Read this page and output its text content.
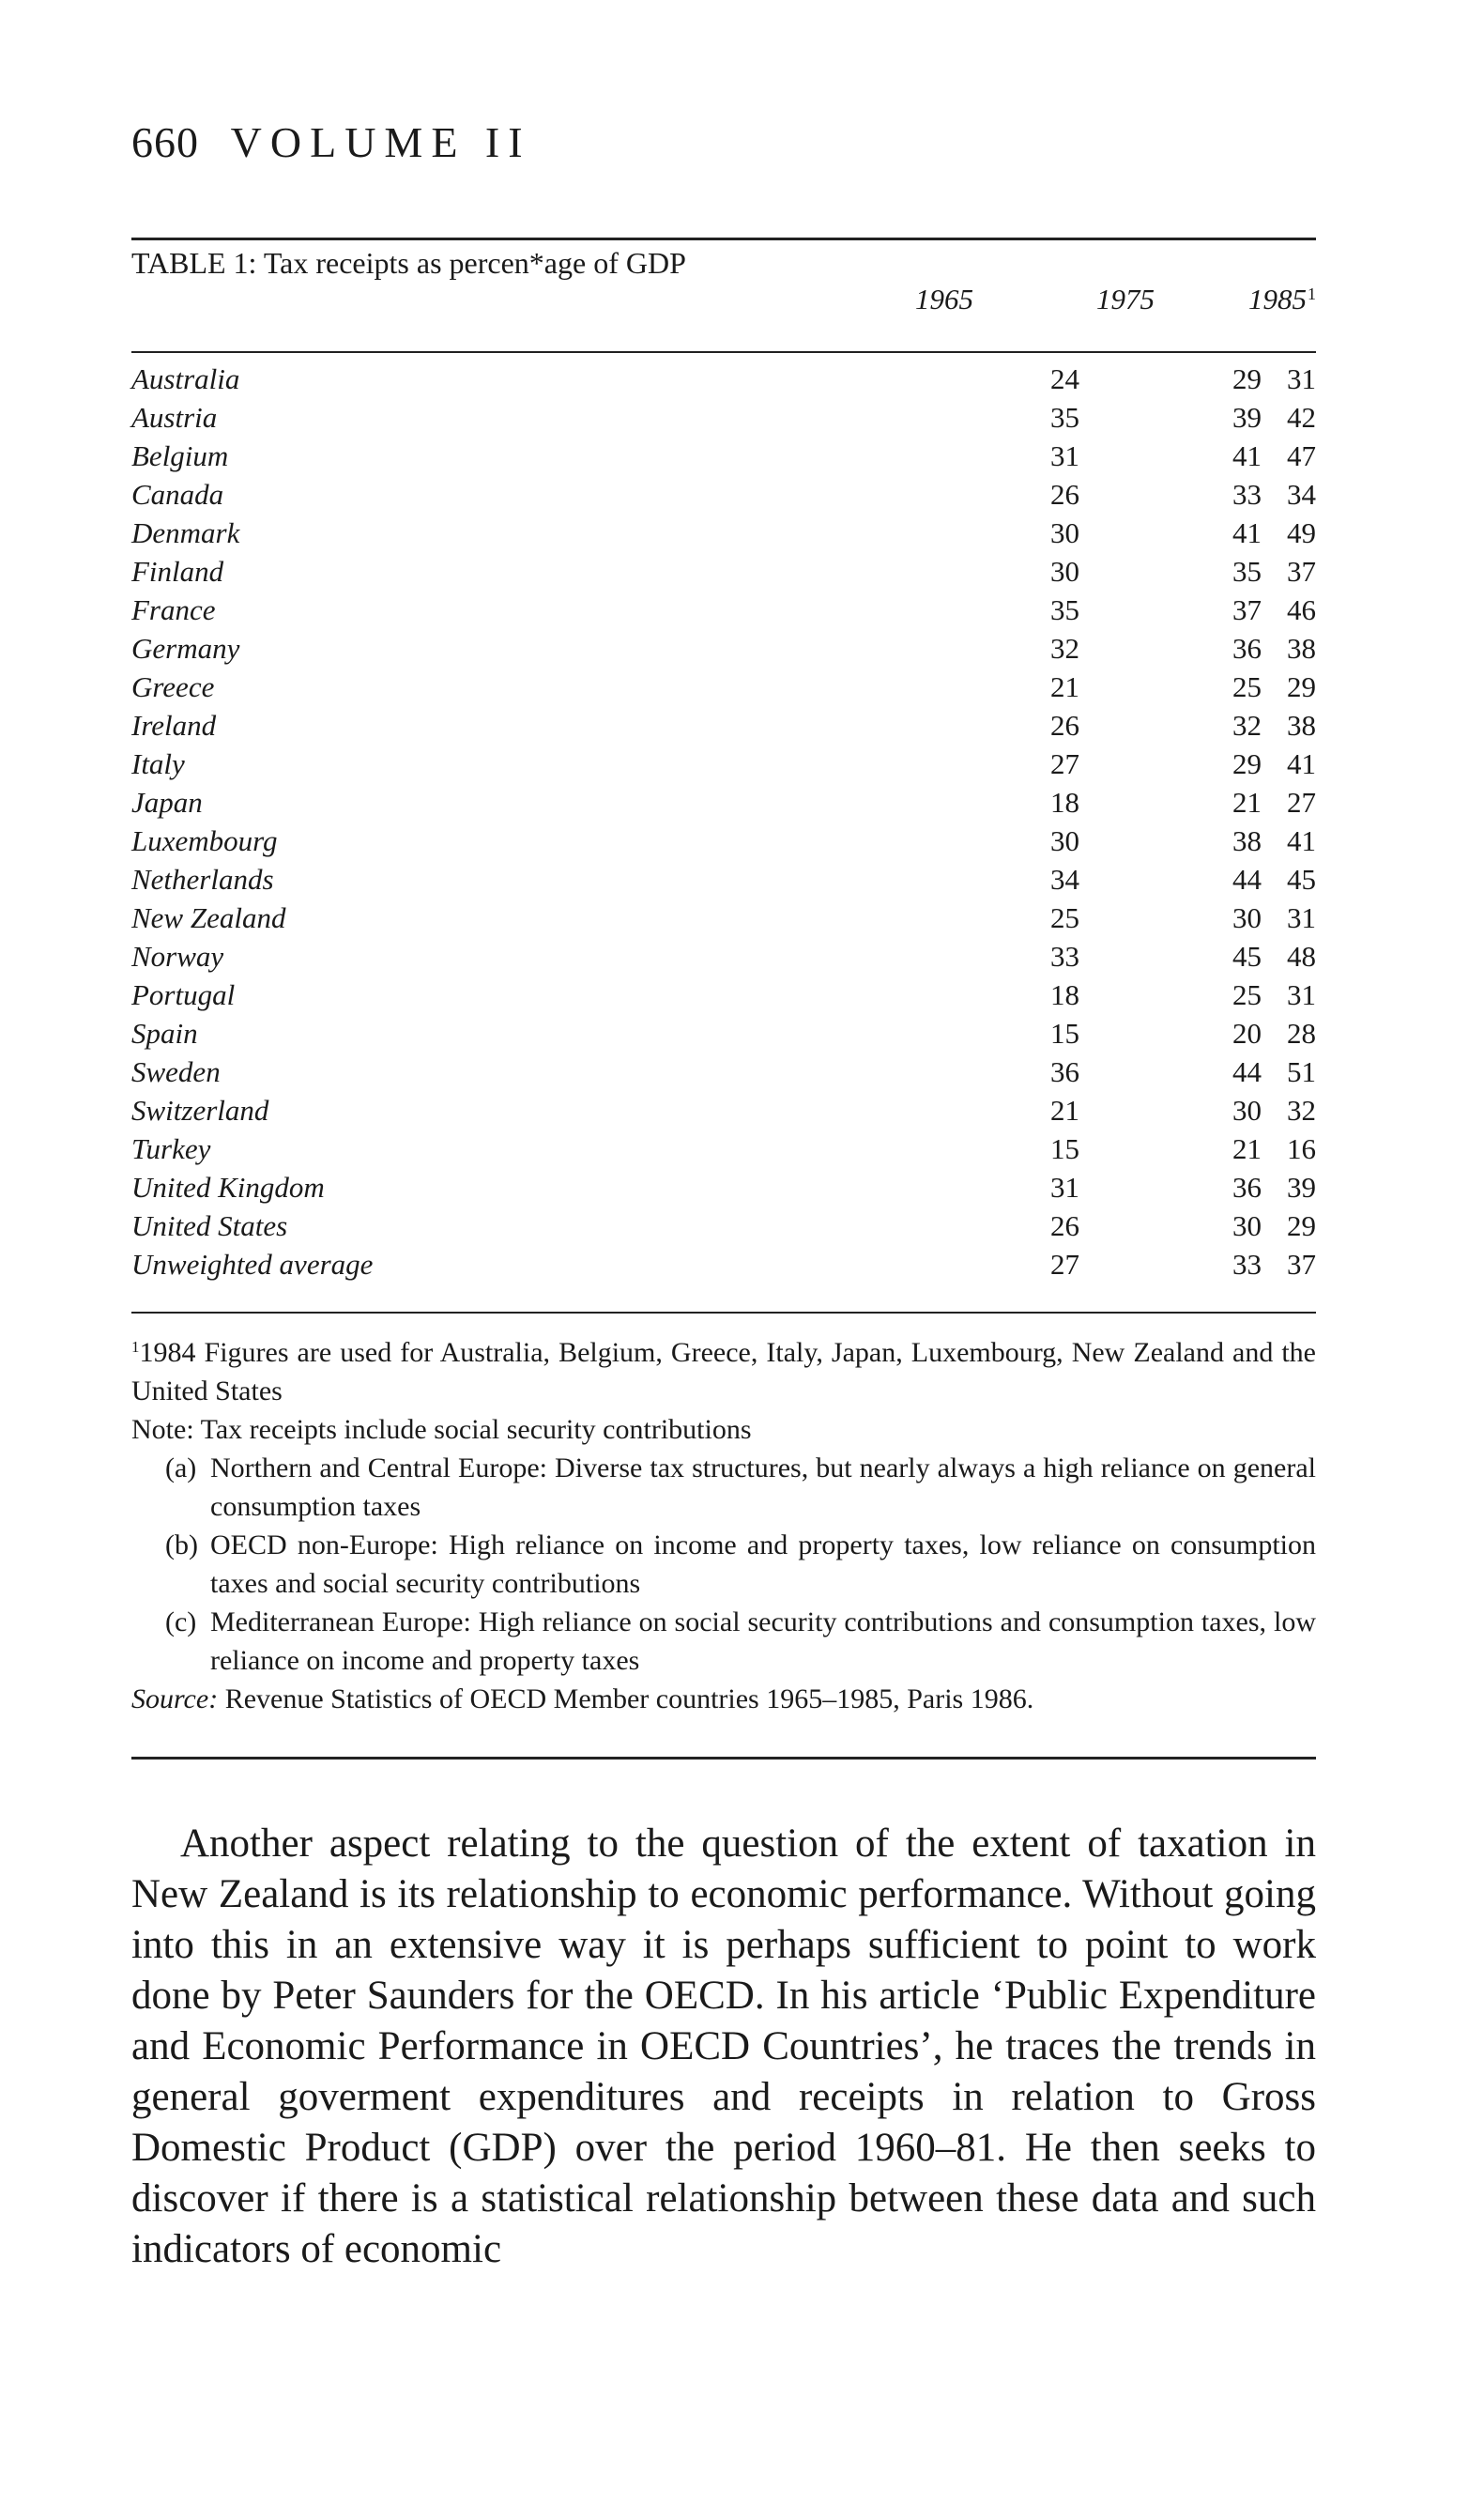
660 VOLUME II
TABLE 1: Tax receipts as percen*age of GDP
1965	1975	1985$^1$
Australia	24	29 31
Austria	35	39 42
Belgium	31	41 47
Canada	26	33 34
Denmark	30	41 49
Finland	30	35 37
France	35	37 46
Germany	32	36 38
Greece	21	25 29
Ireland	26	32 38
Italy	27	29 41
Japan	18	21 27
Luxembourg	30	38 41
Netherlands	34	44 45
New Zealand	25	30 31
Norway	33	45 48
Portugal	18	25 31
Spain	15	20 28
Sweden	36	44 51
Switzerland	21	30 32
Turkey	15	21 16
United Kingdom	31	36 39
United States	26	30 29
Unweighted average	27	33 37

$^1$1984 Figures are used for Australia, Belgium, Greece, Italy, Japan, Luxembourg, New Zealand and the United States

Note: Tax receipts include social security contributions

(a) Northern and Central Europe: Diverse tax structures, but nearly always a high reliance on general consumption taxes
(b) OECD non-Europe: High reliance on income and property taxes, low reliance on consumption taxes and social security contributions
(c) Mediterranean Europe: High reliance on social security contributions and consumption taxes, low reliance on income and property taxes

Source: Revenue Statistics of OECD Member countries 1965–1985, Paris 1986.

Another aspect relating to the question of the extent of taxation in New Zealand is its relationship to economic performance. Without going into this in an extensive way it is perhaps sufficient to point to work done by Peter Saunders for the OECD. In his article ‘Public Expenditure and Economic Performance in OECD Countries’, he traces the trends in general goverment expenditures and receipts in relation to Gross Domestic Product (GDP) over the period 1960–81. He then seeks to discover if there is a statistical relationship between these data and such indicators of economic
